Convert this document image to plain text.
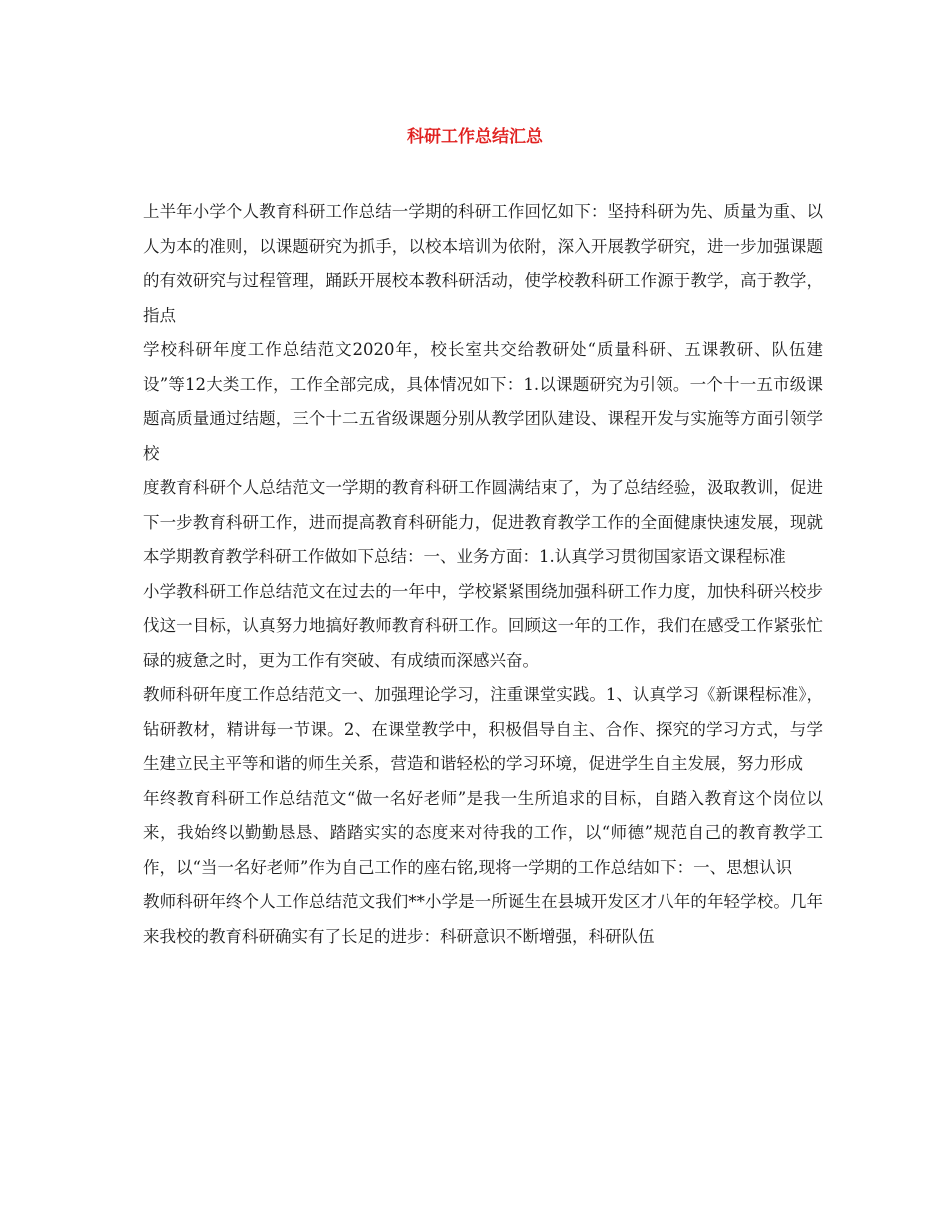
科研工作总结汇总

上半年小学个人教育科研工作总结一学期的科研工作回忆如下：坚持科研为先、质量为重、以人为本的准则，以课题研究为抓手，以校本培训为依附，深入开展教学研究，进一步加强课题的有效研究与过程管理，踊跃开展校本教科研活动，使学校教科研工作源于教学，高于教学，指点

学校科研年度工作总结范文2020年，校长室共交给教研处“质量科研、五课教研、队伍建设”等12大类工作，工作全部完成，具体情况如下：1.以课题研究为引领。一个十一五市级课题高质量通过结题，三个十二五省级课题分别从教学团队建设、课程开发与实施等方面引领学校

度教育科研个人总结范文一学期的教育科研工作圆满结束了，为了总结经验，汲取教训，促进下一步教育科研工作，进而提高教育科研能力，促进教育教学工作的全面健康快速发展，现就本学期教育教学科研工作做如下总结：一、业务方面：1.认真学习贯彻国家语文课程标准

小学教科研工作总结范文在过去的一年中，学校紧紧围绕加强科研工作力度，加快科研兴校步伐这一目标，认真努力地搞好教师教育科研工作。回顾这一年的工作，我们在感受工作紧张忙碌的疲惫之时，更为工作有突破、有成绩而深感兴奋。

教师科研年度工作总结范文一、加强理论学习，注重课堂实践。1、认真学习《新课程标准》，钻研教材，精讲每一节课。2、在课堂教学中，积极倡导自主、合作、探究的学习方式，与学生建立民主平等和谐的师生关系，营造和谐轻松的学习环境，促进学生自主发展，努力形成

年终教育科研工作总结范文“做一名好老师”是我一生所追求的目标，自踏入教育这个岗位以来，我始终以勤勤恳恳、踏踏实实的态度来对待我的工作，以“师德”规范自己的教育教学工作，以“当一名好老师”作为自己工作的座右铭,现将一学期的工作总结如下：一、思想认识

教师科研年终个人工作总结范文我们**小学是一所诞生在县城开发区才八年的年轻学校。几年来我校的教育科研确实有了长足的进步：科研意识不断增强，科研队伍
